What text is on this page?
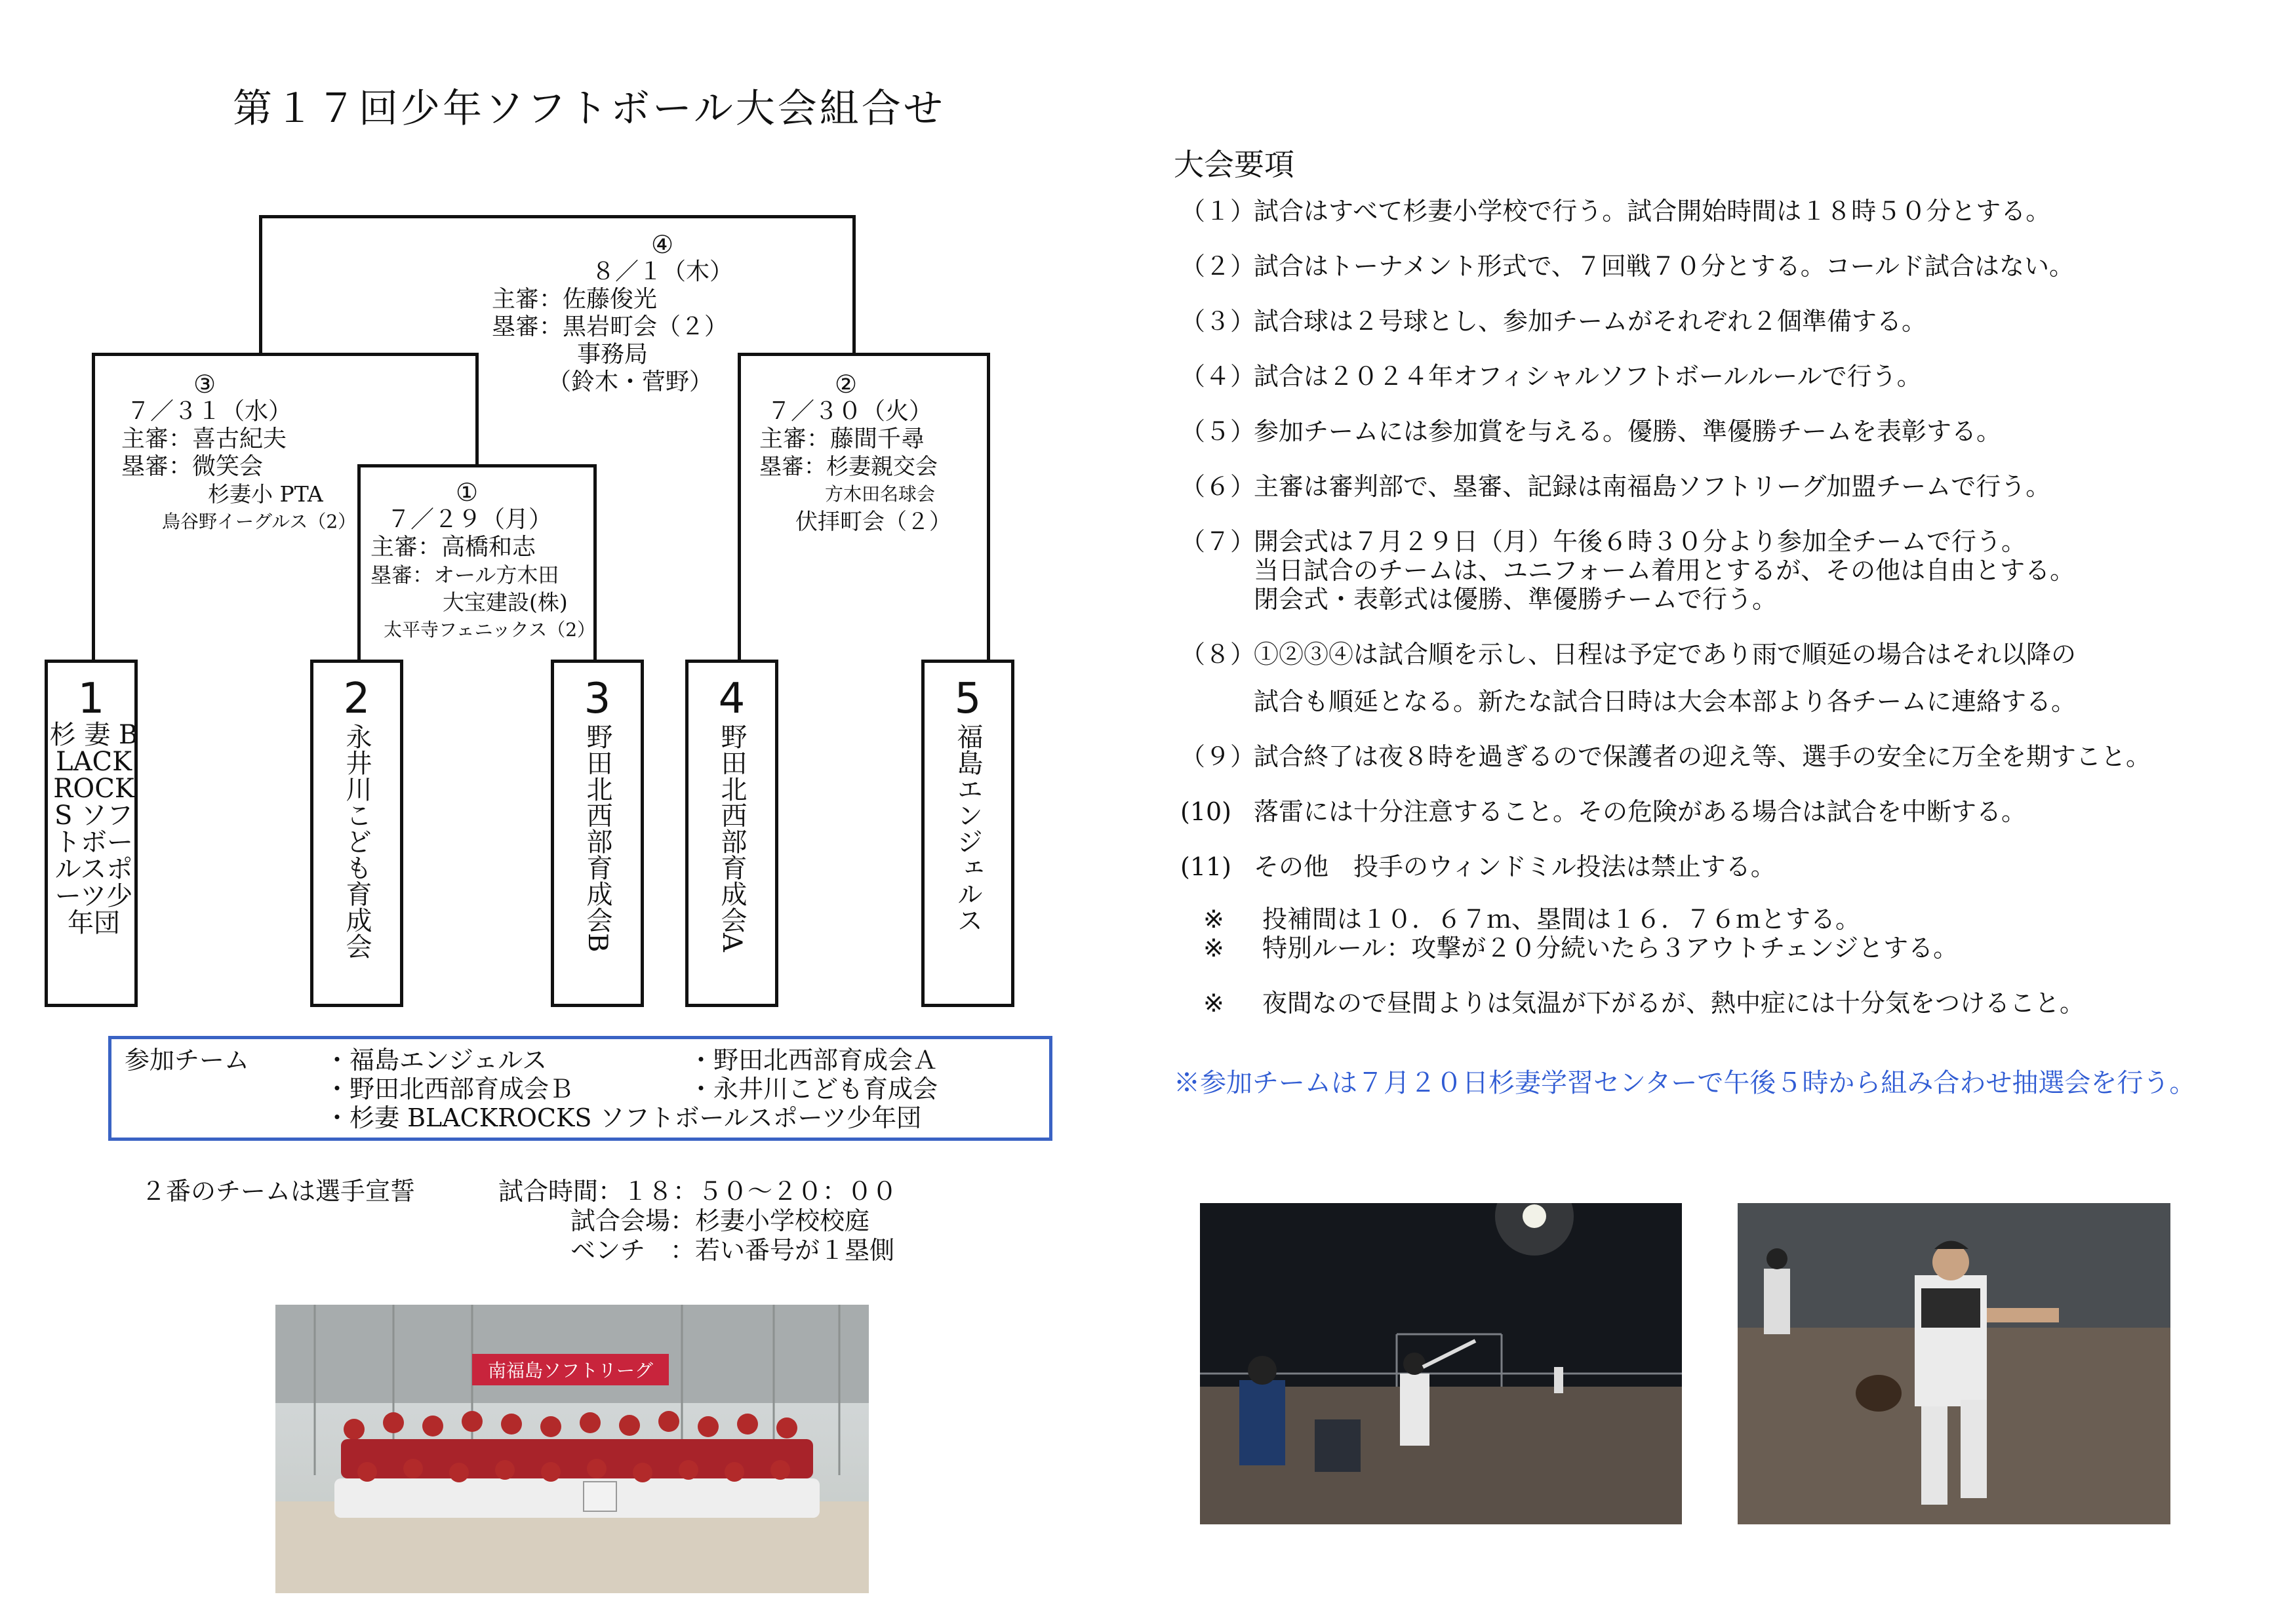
第１７回少年ソフトボール大会組合せ
④
８／１（木）
主審：佐藤俊光
塁審：黒岩町会（２）
事務局
（鈴木・菅野）
③
７／３１（水）
主審：喜古紀夫
塁審：微笑会
杉妻小 PTA
鳥谷野イーグルス（2）
②
７／３０（火）
主審：藤間千尋
塁審：杉妻親交会
方木田名球会
伏拝町会（２）
①
７／２９（月）
主審：高橋和志
塁審：オール方木田
大宝建設(株)
太平寺フェニックス（2）
1
杉 妻 BLACKROCKS ソフトボールスポーツ少年団
2
永井川こども育成会
3
野田北西部育成会B
4
野田北西部育成会A
5
福島エンジェルス
参加チーム	・福島エンジェルス	・野田北西部育成会Ａ
・野田北西部育成会Ｂ	・永井川こども育成会
・杉妻 BLACKROCKS ソフトボールスポーツ少年団
２番のチームは選手宣誓	試合時間：１８：５０～２０：００
試合会場：杉妻小学校校庭
ベンチ　：若い番号が１塁側
南福島ソフトリーグ
大会要項
（１）

試合はすべて杉妻小学校で行う。試合開始時間は１８時５０分とする。

（２）

試合はトーナメント形式で、７回戦７０分とする。コールド試合はない。

（３）

試合球は２号球とし、参加チームがそれぞれ２個準備する。

（４）

試合は２０２４年オフィシャルソフトボールルールで行う。

（５）

参加チームには参加賞を与える。優勝、準優勝チームを表彰する。

（６）

主審は審判部で、塁審、記録は南福島ソフトリーグ加盟チームで行う。

（７）

開会式は７月２９日（月）午後６時３０分より参加全チームで行う。

当日試合のチームは、ユニフォーム着用とするが、その他は自由とする。

閉会式・表彰式は優勝、準優勝チームで行う。

（８）

①②③④は試合順を示し、日程は予定であり雨で順延の場合はそれ以降の

試合も順延となる。新たな試合日時は大会本部より各チームに連絡する。

（９）

試合終了は夜８時を過ぎるので保護者の迎え等、選手の安全に万全を期すこと。

(10) 落雷には十分注意すること。その危険がある場合は試合を中断する。

(11) その他　投手のウィンドミル投法は禁止する。

※ 投補間は１０．６７ｍ、塁間は１６．７６ｍとする。
※ 特別ルール：攻撃が２０分続いたら３アウトチェンジとする。
※ 夜間なので昼間よりは気温が下がるが、熱中症には十分気をつけること。
※参加チームは７月２０日杉妻学習センターで午後５時から組み合わせ抽選会を行う。
